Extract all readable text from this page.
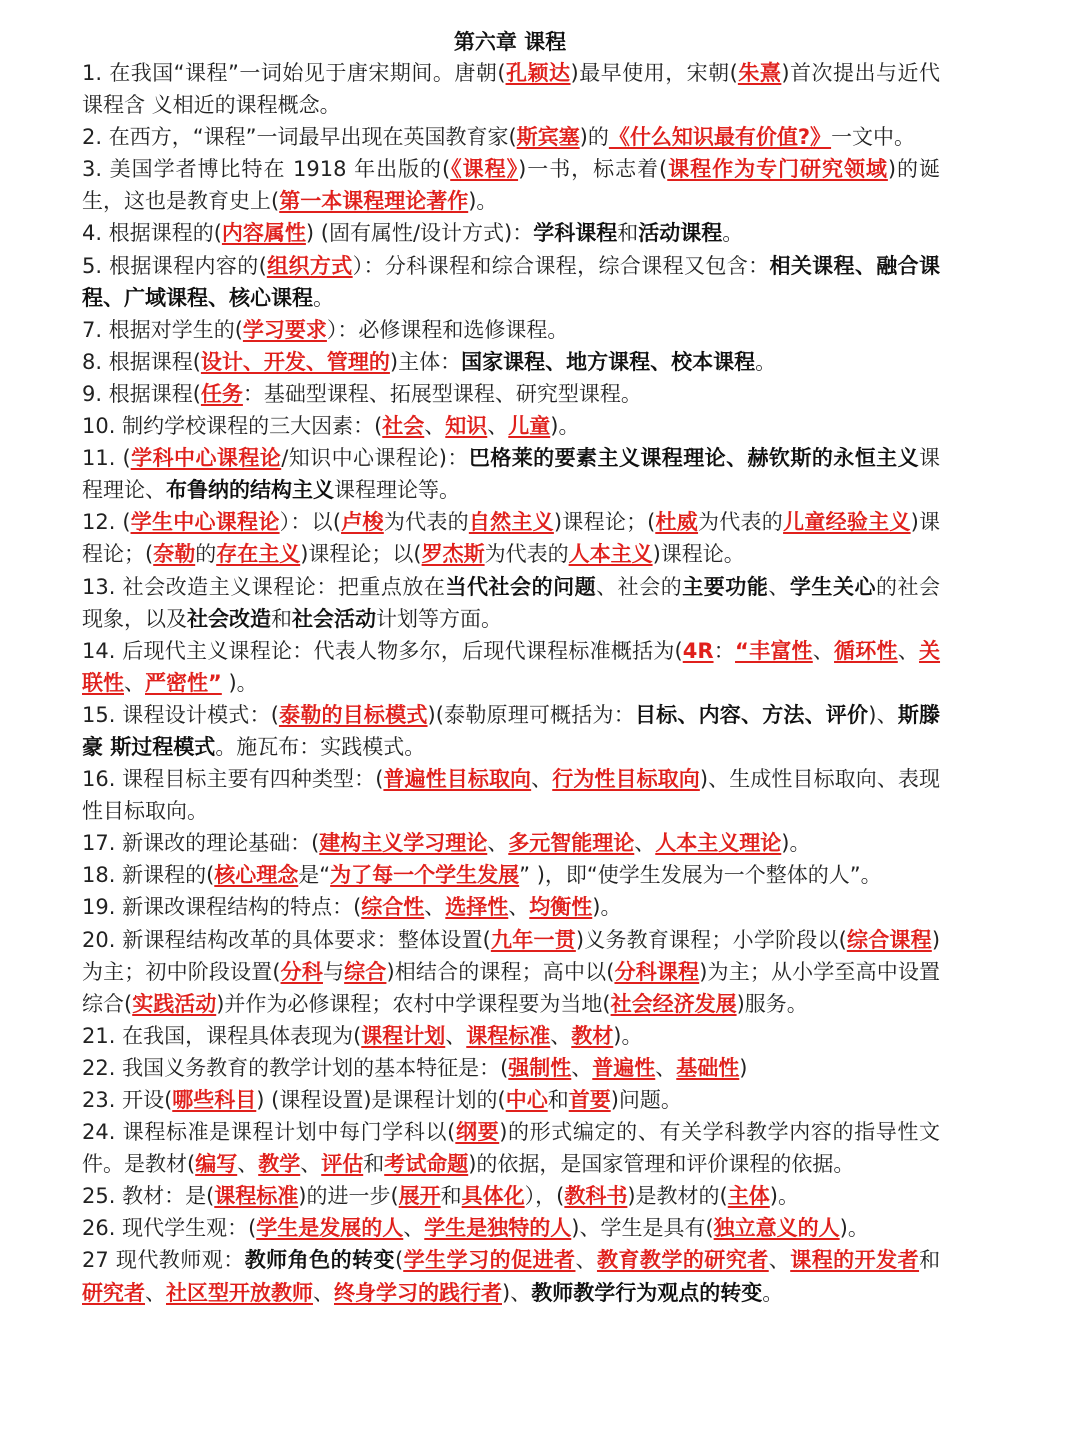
第六章 课程

1. 在我国“课程”一词始见于唐宋期间。唐朝(孔颖达)最早使用，宋朝(朱熹)首次提出与近代课程含 义相近的课程概念。

2. 在西方，“课程”一词最早出现在英国教育家(斯宾塞)的《什么知识最有价值?》一文中。

3. 美国学者博比特在 1918 年出版的(《课程》)一书，标志着(课程作为专门研究领域)的诞生，这也是教育史上(第一本课程理论著作)。

4. 根据课程的(内容属性) (固有属性/设计方式)：学科课程和活动课程。

5. 根据课程内容的(组织方式）：分科课程和综合课程，综合课程又包含：相关课程、融合课程、广域课程、核心课程。

7. 根据对学生的(学习要求）：必修课程和选修课程。

8. 根据课程(设计、开发、管理的)主体：国家课程、地方课程、校本课程。

9. 根据课程(任务：基础型课程、拓展型课程、研究型课程。

10. 制约学校课程的三大因素：(社会、知识、儿童)。

11. (学科中心课程论/知识中心课程论)：巴格莱的要素主义课程理论、赫钦斯的永恒主义课程理论、布鲁纳的结构主义课程理论等。

12. (学生中心课程论）：以(卢梭为代表的自然主义)课程论；(杜威为代表的儿童经验主义)课程论；(奈勒的存在主义)课程论；以(罗杰斯为代表的人本主义)课程论。

13. 社会改造主义课程论：把重点放在当代社会的问题、社会的主要功能、学生关心的社会现象，以及社会改造和社会活动计划等方面。

14. 后现代主义课程论：代表人物多尔，后现代课程标准概括为(4R：“丰富性、循环性、关联性、严密性” )。

15. 课程设计模式：(泰勒的目标模式)(泰勒原理可概括为：目标、内容、方法、评价)、斯滕豪 斯过程模式。施瓦布：实践模式。

16. 课程目标主要有四种类型：(普遍性目标取向、行为性目标取向)、生成性目标取向、表现性目标取向。

17. 新课改的理论基础：(建构主义学习理论、多元智能理论、人本主义理论)。

18. 新课程的(核心理念是“为了每一个学生发展” )，即“使学生发展为一个整体的人”。

19. 新课改课程结构的特点：(综合性、选择性、均衡性)。

20. 新课程结构改革的具体要求：整体设置(九年一贯)义务教育课程；小学阶段以(综合课程)为主；初中阶段设置(分科与综合)相结合的课程；高中以(分科课程)为主；从小学至高中设置综合(实践活动)并作为必修课程；农村中学课程要为当地(社会经济发展)服务。

21. 在我国，课程具体表现为(课程计划、课程标准、教材)。

22. 我国义务教育的教学计划的基本特征是：(强制性、普遍性、基础性)

23. 开设(哪些科目) (课程设置)是课程计划的(中心和首要)问题。

24. 课程标准是课程计划中每门学科以(纲要)的形式编定的、有关学科教学内容的指导性文件。是教材(编写、教学、评估和考试命题)的依据，是国家管理和评价课程的依据。

25. 教材：是(课程标准)的进一步(展开和具体化），(教科书)是教材的(主体)。

26. 现代学生观：(学生是发展的人、学生是独特的人)、学生是具有(独立意义的人)。

27 现代教师观：教师角色的转变(学生学习的促进者、教育教学的研究者、课程的开发者和研究者、社区型开放教师、终身学习的践行者)、教师教学行为观点的转变。
